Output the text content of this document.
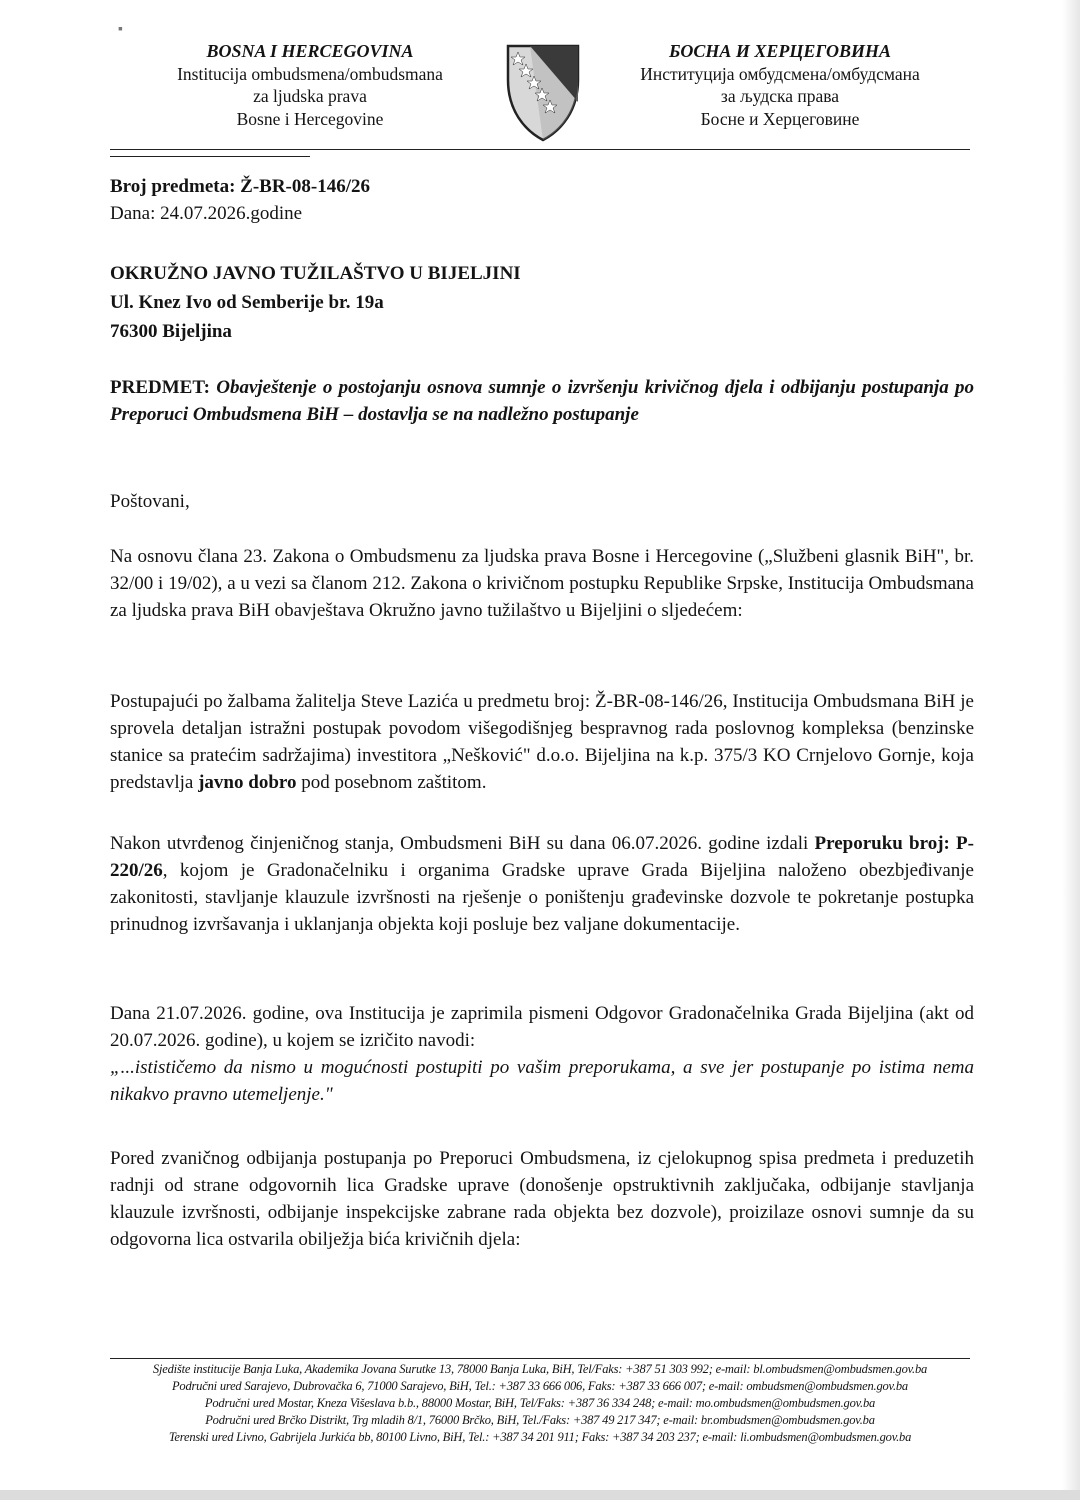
▪
BOSNA I HERCEGOVINA
Institucija ombudsmena/ombudsmana
za ljudska prava
Bosne i Hercegovine
БОСНА И ХЕРЦЕГОВИНА
Институција омбудсмена/омбудсмана
за људска права
Босне и Херцеговине
Broj predmeta: Ž-BR-08-146/26
Dana: 24.07.2026.godine
OKRUŽNO JAVNO TUŽILAŠTVO U BIJELJINI
Ul. Knez Ivo od Semberije br. 19a
76300 Bijeljina
PREDMET: Obavještenje o postojanju osnova sumnje o izvršenju krivičnog djela i odbijanju postupanja po Preporuci Ombudsmena BiH – dostavlja se na nadležno postupanje
Poštovani,
Na osnovu člana 23. Zakona o Ombudsmenu za ljudska prava Bosne i Hercegovine („Službeni glasnik BiH", br. 32/00 i 19/02), a u vezi sa članom 212. Zakona o krivičnom postupku Republike Srpske, Institucija Ombudsmana za ljudska prava BiH obavještava Okružno javno tužilaštvo u Bijeljini o sljedećem:
Postupajući po žalbama žalitelja Steve Lazića u predmetu broj: Ž-BR-08-146/26, Institucija Ombudsmana BiH je sprovela detaljan istražni postupak povodom višegodišnjeg bespravnog rada poslovnog kompleksa (benzinske stanice sa pratećim sadržajima) investitora „Nešković" d.o.o. Bijeljina na k.p. 375/3 KO Crnjelovo Gornje, koja predstavlja javno dobro pod posebnom zaštitom.
Nakon utvrđenog činjeničnog stanja, Ombudsmeni BiH su dana 06.07.2026. godine izdali Preporuku broj: P-220/26, kojom je Gradonačelniku i organima Gradske uprave Grada Bijeljina naloženo obezbjeđivanje zakonitosti, stavljanje klauzule izvršnosti na rješenje o poništenju građevinske dozvole te pokretanje postupka prinudnog izvršavanja i uklanjanja objekta koji posluje bez valjane dokumentacije.
Dana 21.07.2026. godine, ova Institucija je zaprimila pismeni Odgovor Gradonačelnika Grada Bijeljina (akt od 20.07.2026. godine), u kojem se izričito navodi:
„...istističemo da nismo u mogućnosti postupiti po vašim preporukama, a sve jer postupanje po istima nema nikakvo pravno utemeljenje."
Pored zvaničnog odbijanja postupanja po Preporuci Ombudsmena, iz cjelokupnog spisa predmeta i preduzetih radnji od strane odgovornih lica Gradske uprave (donošenje opstruktivnih zaključaka, odbijanje stavljanja klauzule izvršnosti, odbijanje inspekcijske zabrane rada objekta bez dozvole), proizilaze osnovi sumnje da su odgovorna lica ostvarila obilježja bića krivičnih djela:
Sjedište institucije Banja Luka, Akademika Jovana Surutke 13, 78000 Banja Luka, BiH, Tel/Faks: +387 51 303 992; e-mail: bl.ombudsmen@ombudsmen.gov.ba
Područni ured Sarajevo, Dubrovačka 6, 71000 Sarajevo, BiH, Tel.: +387 33 666 006, Faks: +387 33 666 007; e-mail: ombudsmen@ombudsmen.gov.ba
Područni ured Mostar, Kneza Višeslava b.b., 88000 Mostar, BiH, Tel/Faks: +387 36 334 248; e-mail: mo.ombudsmen@ombudsmen.gov.ba
Područni ured Brčko Distrikt, Trg mladih 8/1, 76000 Brčko, BiH, Tel./Faks: +387 49 217 347; e-mail: br.ombudsmen@ombudsmen.gov.ba
Terenski ured Livno, Gabrijela Jurkića bb, 80100 Livno, BiH, Tel.: +387 34 201 911; Faks: +387 34 203 237; e-mail: li.ombudsmen@ombudsmen.gov.ba
